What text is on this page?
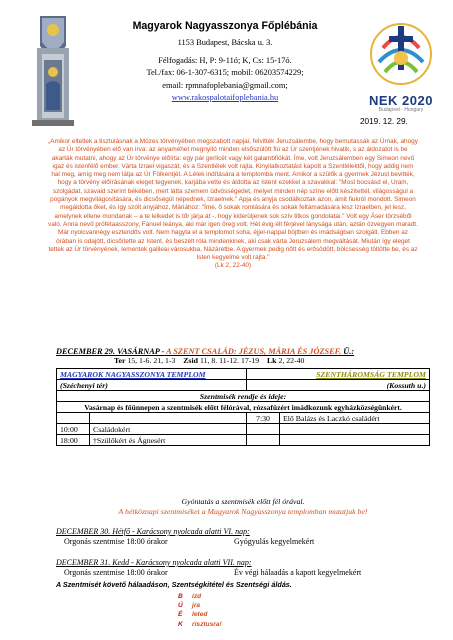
Magyarok Nagyasszonya Főplébánia
1153 Budapest, Bácska u. 3.
Félfogadás: H, P: 9-11ó; K, Cs: 15-17ó.
Tel./fax: 06-1-307-6315; mobil: 06203574229;
email: rpmnafoplebania@gmail.com;
www.rakospalotaifoplebania.hu	NEK 2020
Budapest · Hungary
2019. 12. 29.
„Amikor elteltek a tisztulásnak a Mózes törvényében megszabott napjai, felvitték Jeruzsálembe, hogy bemutassák az Úrnak, ahogy az Úr törvényében elő van írva: az anyaméhet megnyitó minden elsőszülött fiú az Úr szentjének hivatik, s az áldozatot is be akarták mutatni, ahogy az Úr törvénye előírta: egy pár gerlicét vagy két galambfiókát. Íme, volt Jeruzsálemben egy Simeon nevű igaz és istenfélő ember. Várta Izrael vigaszát, és a Szentlélek volt rajta. Kinyilatkoztatást kapott a Szentlélektől, hogy addig nem hal meg, amíg meg nem látja az Úr Fölkentjét. A Lélek indítására a templomba ment. Amikor a szülők a gyermek Jézust bevitték, hogy a törvény előírásának eleget tegyenek, karjába vette és áldotta az Istent ezekkel a szavakkal: "Most bocsásd el, Uram, szolgádat, szavaid szerint békében, mert látta szemem üdvösségedet, melyet minden nép színe előtt készítettél, világosságul a pogányok megvilágosítására, és dicsőségül népednek, Izraelnek." Apja és anyja csodálkoztak azon, amit fiukról mondott. Simeon megáldotta őket, és így szólt anyjához, Máriához: "Íme, ő sokak romlására és sokak feltámadására lesz Izraelben, jel lesz, amelynek ellene mondanak – a te lelkedet is tőr járja át -, hogy kiderüljenek sok szív titkos gondolatai." Volt egy Áser törzséből való, Anna nevű prófétaasszony, Fánuel leánya, aki már igen öreg volt. Hét évig élt férjével lánysága után, aztán özvegyen maradt. Már nyolcvannégy esztendős volt. Nem hagyta el a templomot soha, éjjel-nappal böjtben és imádságban szolgált. Ebben az órában is odajött, dicsőítette az Istent, és beszélt róla mindenkinek, aki csak várta Jeruzsálem megváltását. Miután így eleget tettek az Úr törvényének, lementek galileai városukba, Názáretbe. A gyermek pedig nőtt és erősödött, bölcsesség töltötte be, és az Isten kegyelme volt rajta."
(Lk 2, 22-40)
DECEMBER 29. VASÁRNAP - A SZENT CSALÁD: JÉZUS, MÁRIA ÉS JÓZSEF. Ü.:
Ter 15, 1-6. 21, 1-3 Zsid 11, 8. 11-12. 17-19 Lk 2, 22-40
MAGYAROK NAGYASSZONYA TEMPLOM		SZENTHÁROMSÁG TEMPLOM	
(Széchenyi tér)		(Kossuth u.)	
Szentmisék rendje és ideje:			
Vasárnap és főünnepen a szentmisék előtt félórával, rózsafüzért imádkozunk egyházközségünkért.			
		7:30	Elő Balázs és Laczkó családért
10:00	Családokért		
18:00	†Szülőkért és Ágnesért		
Gyóntatás a szentmisék előtt fél órával.
A hétköznapi szentmiséket a Magyarok Nagyasszonya templomban mutatjuk be!
DECEMBER 30. Hétfő - Karácsony nyolcada alatti VI. nap:
Orgonás szentmise 18:00 órakor	Gyógyulás kegyelmekért
DECEMBER 31. Kedd - Karácsony nyolcada alatti VII. nap:
Orgonás szentmise 18:00 órakor	Év végi hálaadás a kapott kegyelmekért
A Szentmisét követő hálaadáson, Szentségkitétel és Szentségi áldás.
B ízd
Ú jra
É leted
K risztusra!
